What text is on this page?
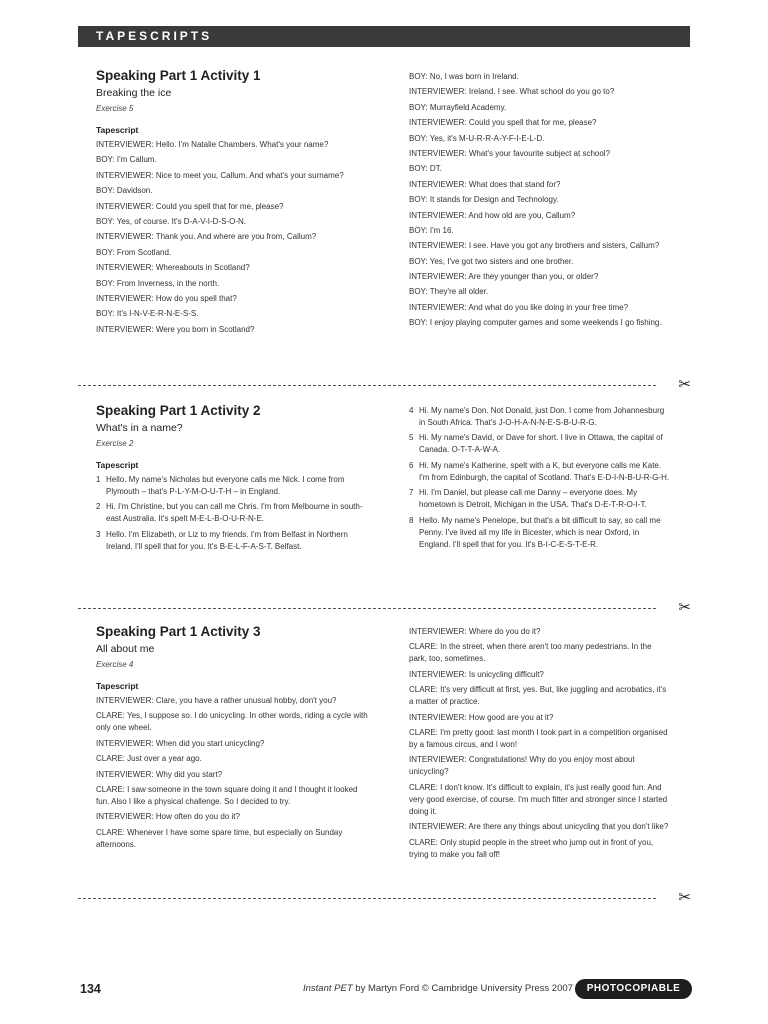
TAPESCRIPTS
Speaking Part 1 Activity 1
Breaking the ice
Exercise 5
Tapescript
INTERVIEWER: Hello. I'm Natalie Chambers. What's your name?
BOY: I'm Callum.
INTERVIEWER: Nice to meet you, Callum. And what's your surname?
BOY: Davidson.
INTERVIEWER: Could you spell that for me, please?
BOY: Yes, of course. It's D-A-V-I-D-S-O-N.
INTERVIEWER: Thank you. And where are you from, Callum?
BOY: From Scotland.
INTERVIEWER: Whereabouts in Scotland?
BOY: From Inverness, in the north.
INTERVIEWER: How do you spell that?
BOY: It's I-N-V-E-R-N-E-S-S.
INTERVIEWER: Were you born in Scotland?
BOY: No, I was born in Ireland.
INTERVIEWER: Ireland. I see. What school do you go to?
BOY: Murrayfield Academy.
INTERVIEWER: Could you spell that for me, please?
BOY: Yes, it's M-U-R-R-A-Y-F-I-E-L-D.
INTERVIEWER: What's your favourite subject at school?
BOY: DT.
INTERVIEWER: What does that stand for?
BOY: It stands for Design and Technology.
INTERVIEWER: And how old are you, Callum?
BOY: I'm 16.
INTERVIEWER: I see. Have you got any brothers and sisters, Callum?
BOY: Yes, I've got two sisters and one brother.
INTERVIEWER: Are they younger than you, or older?
BOY: They're all older.
INTERVIEWER: And what do you like doing in your free time?
BOY: I enjoy playing computer games and some weekends I go fishing.
✂
Speaking Part 1 Activity 2
What's in a name?
Exercise 2
Tapescript
1 Hello. My name's Nicholas but everyone calls me Nick. I come from Plymouth – that's P-L-Y-M-O-U-T-H – in England.
2 Hi. I'm Christine, but you can call me Chris. I'm from Melbourne in south-east Australia. It's spelt M-E-L-B-O-U-R-N-E.
3 Hello. I'm Elizabeth, or Liz to my friends. I'm from Belfast in Northern Ireland. I'll spell that for you. It's B-E-L-F-A-S-T. Belfast.
4 Hi. My name's Don. Not Donald, just Don. I come from Johannesburg in South Africa. That's J-O-H-A-N-N-E-S-B-U-R-G.
5 Hi. My name's David, or Dave for short. I live in Ottawa, the capital of Canada. O-T-T-A-W-A.
6 Hi. My name's Katherine, spelt with a K, but everyone calls me Kate. I'm from Edinburgh, the capital of Scotland. That's E-D-I-N-B-U-R-G-H.
7 Hi. I'm Daniel, but please call me Danny – everyone does. My hometown is Detroit, Michigan in the USA. That's D-E-T-R-O-I-T.
8 Hello. My name's Penelope, but that's a bit difficult to say, so call me Penny. I've lived all my life in Bicester, which is near Oxford, in England. I'll spell that for you. It's B-I-C-E-S-T-E-R.
✂
Speaking Part 1 Activity 3
All about me
Exercise 4
Tapescript
INTERVIEWER: Clare, you have a rather unusual hobby, don't you?
CLARE: Yes, I suppose so. I do unicycling. In other words, riding a cycle with only one wheel.
INTERVIEWER: When did you start unicycling?
CLARE: Just over a year ago.
INTERVIEWER: Why did you start?
CLARE: I saw someone in the town square doing it and I thought it looked fun. Also I like a physical challenge. So I decided to try.
INTERVIEWER: How often do you do it?
CLARE: Whenever I have some spare time, but especially on Sunday afternoons.
INTERVIEWER: Where do you do it?
CLARE: In the street, when there aren't too many pedestrians. In the park, too, sometimes.
INTERVIEWER: Is unicycling difficult?
CLARE: It's very difficult at first, yes. But, like juggling and acrobatics, it's a matter of practice.
INTERVIEWER: How good are you at it?
CLARE: I'm pretty good: last month I took part in a competition organised by a famous circus, and I won!
INTERVIEWER: Congratulations! Why do you enjoy most about unicycling?
CLARE: I don't know. It's difficult to explain, it's just really good fun. And very good exercise, of course. I'm much fitter and stronger since I started doing it.
INTERVIEWER: Are there any things about unicycling that you don't like?
CLARE: Only stupid people in the street who jump out in front of you, trying to make you fall off!
✂
134	Instant PET by Martyn Ford © Cambridge University Press 2007	PHOTOCOPIABLE
